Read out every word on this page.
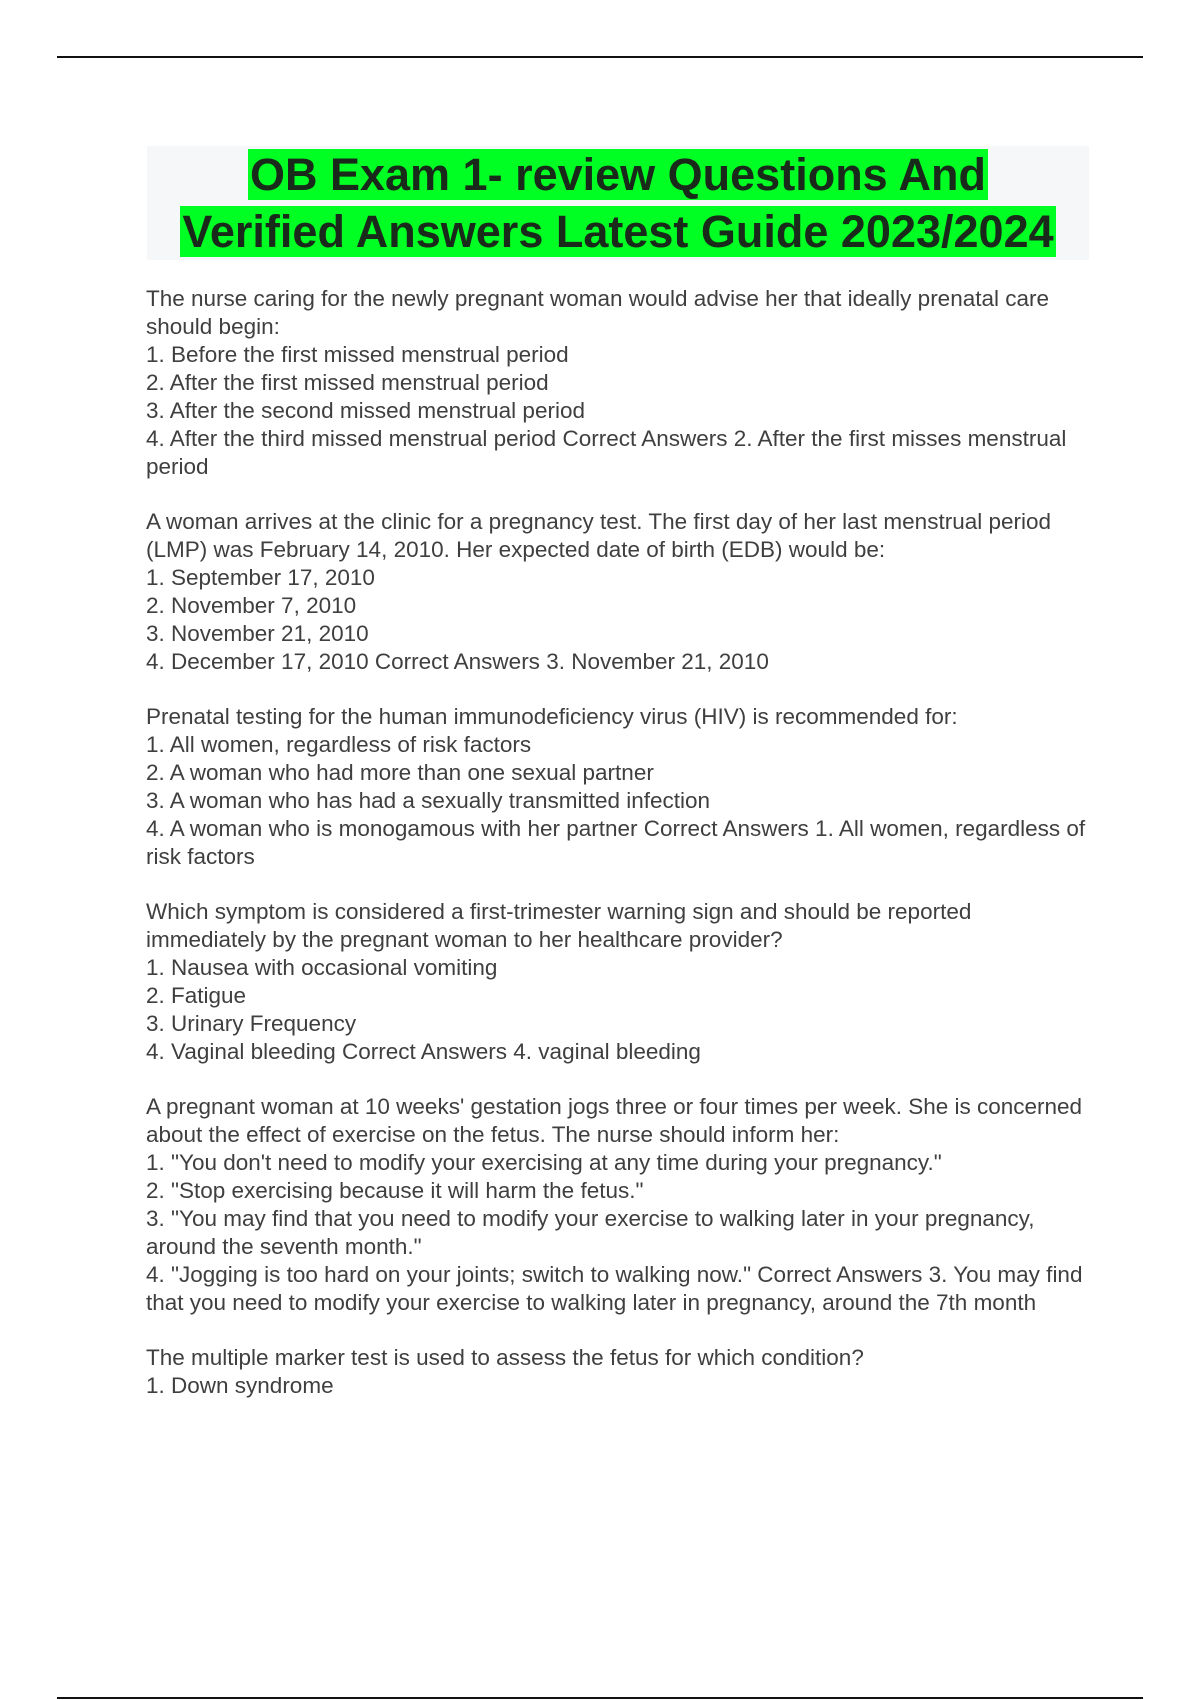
OB Exam 1- review Questions And
Verified Answers Latest Guide 2023/2024
The nurse caring for the newly pregnant woman would advise her that ideally prenatal care should begin:
1. Before the first missed menstrual period
2. After the first missed menstrual period
3. After the second missed menstrual period
4. After the third missed menstrual period Correct Answers 2. After the first misses menstrual period
A woman arrives at the clinic for a pregnancy test. The first day of her last menstrual period (LMP) was February 14, 2010. Her expected date of birth (EDB) would be:
1. September 17, 2010
2. November 7, 2010
3. November 21, 2010
4. December 17, 2010 Correct Answers 3. November 21, 2010
Prenatal testing for the human immunodeficiency virus (HIV) is recommended for:
1. All women, regardless of risk factors
2. A woman who had more than one sexual partner
3. A woman who has had a sexually transmitted infection
4. A woman who is monogamous with her partner Correct Answers 1. All women, regardless of risk factors
Which symptom is considered a first-trimester warning sign and should be reported immediately by the pregnant woman to her healthcare provider?
1. Nausea with occasional vomiting
2. Fatigue
3. Urinary Frequency
4. Vaginal bleeding Correct Answers 4. vaginal bleeding
A pregnant woman at 10 weeks' gestation jogs three or four times per week. She is concerned about the effect of exercise on the fetus. The nurse should inform her:
1. "You don't need to modify your exercising at any time during your pregnancy."
2. "Stop exercising because it will harm the fetus."
3. "You may find that you need to modify your exercise to walking later in your pregnancy, around the seventh month."
4. "Jogging is too hard on your joints; switch to walking now." Correct Answers 3. You may find that you need to modify your exercise to walking later in pregnancy, around the 7th month
The multiple marker test is used to assess the fetus for which condition?
1. Down syndrome
